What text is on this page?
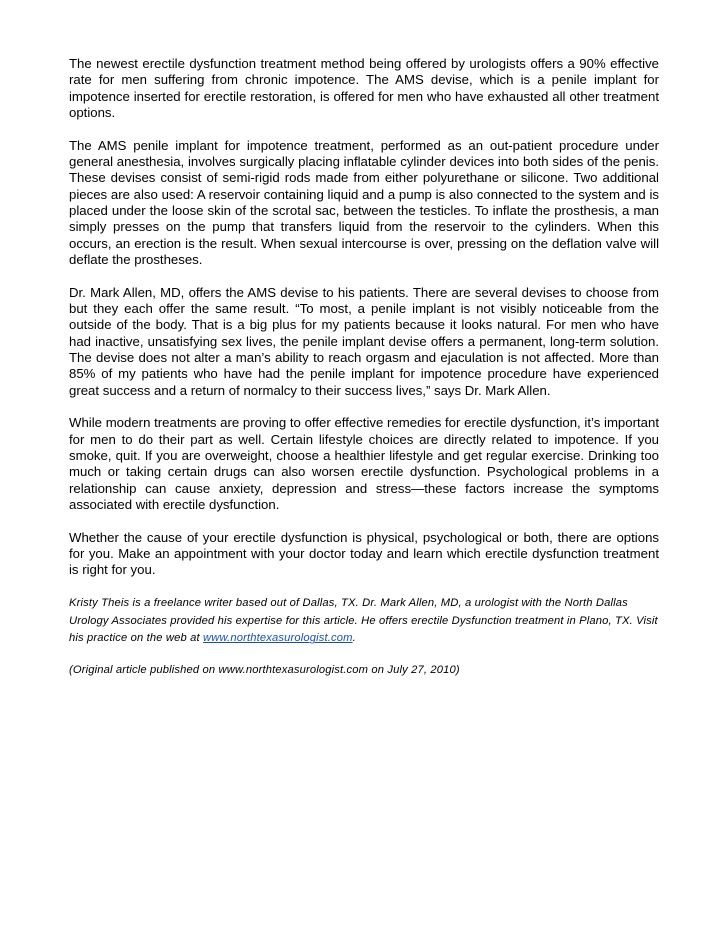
The newest erectile dysfunction treatment method being offered by urologists offers a 90% effective rate for men suffering from chronic impotence. The AMS devise, which is a penile implant for impotence inserted for erectile restoration, is offered for men who have exhausted all other treatment options.

The AMS penile implant for impotence treatment, performed as an out-patient procedure under general anesthesia, involves surgically placing inflatable cylinder devices into both sides of the penis. These devises consist of semi-rigid rods made from either polyurethane or silicone. Two additional pieces are also used: A reservoir containing liquid and a pump is also connected to the system and is placed under the loose skin of the scrotal sac, between the testicles. To inflate the prosthesis, a man simply presses on the pump that transfers liquid from the reservoir to the cylinders. When this occurs, an erection is the result. When sexual intercourse is over, pressing on the deflation valve will deflate the prostheses.

Dr. Mark Allen, MD, offers the AMS devise to his patients. There are several devises to choose from but they each offer the same result. “To most, a penile implant is not visibly noticeable from the outside of the body. That is a big plus for my patients because it looks natural. For men who have had inactive, unsatisfying sex lives, the penile implant devise offers a permanent, long-term solution. The devise does not alter a man’s ability to reach orgasm and ejaculation is not affected. More than 85% of my patients who have had the penile implant for impotence procedure have experienced great success and a return of normalcy to their success lives,” says Dr. Mark Allen.

While modern treatments are proving to offer effective remedies for erectile dysfunction, it’s important for men to do their part as well. Certain lifestyle choices are directly related to impotence. If you smoke, quit. If you are overweight, choose a healthier lifestyle and get regular exercise. Drinking too much or taking certain drugs can also worsen erectile dysfunction. Psychological problems in a relationship can cause anxiety, depression and stress—these factors increase the symptoms associated with erectile dysfunction.

Whether the cause of your erectile dysfunction is physical, psychological or both, there are options for you. Make an appointment with your doctor today and learn which erectile dysfunction treatment is right for you.

Kristy Theis is a freelance writer based out of Dallas, TX. Dr. Mark Allen, MD, a urologist with the North Dallas Urology Associates provided his expertise for this article. He offers erectile Dysfunction treatment in Plano, TX. Visit his practice on the web at www.northtexasurologist.com.

(Original article published on www.northtexasurologist.com on July 27, 2010)
